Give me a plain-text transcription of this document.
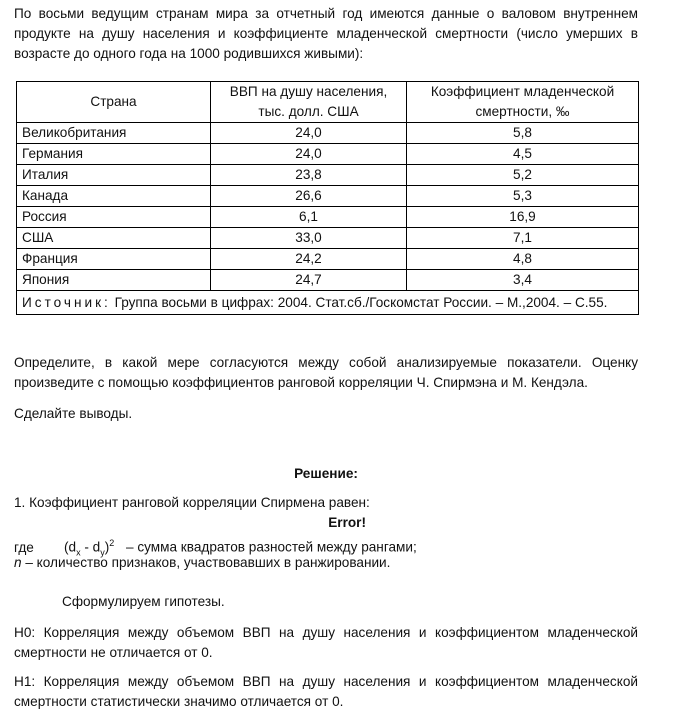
По восьми ведущим странам мира за отчетный год имеются данные о валовом внутреннем продукте на душу населения и коэффициенте младенческой смертности (число умерших в возрасте до одного года на 1000 родившихся живыми):

Страна	ВВП на душу населения, тыс. долл. США	Коэффициент младенческой смертности, ‰
Великобритания	24,0	5,8
Германия	24,0	4,5
Италия	23,8	5,2
Канада	26,6	5,3
Россия	6,1	16,9
США	33,0	7,1
Франция	24,2	4,8
Япония	24,7	3,4
Источник: Группа восьми в цифрах: 2004. Стат.сб./Госкомстат России. – М.,2004. – С.55.		

Определите, в какой мере согласуются между собой анализируемые показатели. Оценку произведите с помощью коэффициентов ранговой корреляции Ч. Спирмэна и М. Кендэла.

Сделайте выводы.

Решение:
1. Коэффициент ранговой корреляции Спирмена равен:
Error!
где $(d_x - d_y)^2$ – сумма квадратов разностей между рангами;
n – количество признаков, участвовавших в ранжировании.
Сформулируем гипотезы.

H0: Корреляция между объемом ВВП на душу населения и коэффициентом младенческой смертности не отличается от 0.

H1: Корреляция между объемом ВВП на душу населения и коэффициентом младенческой смертности статистически значимо отличается от 0.
